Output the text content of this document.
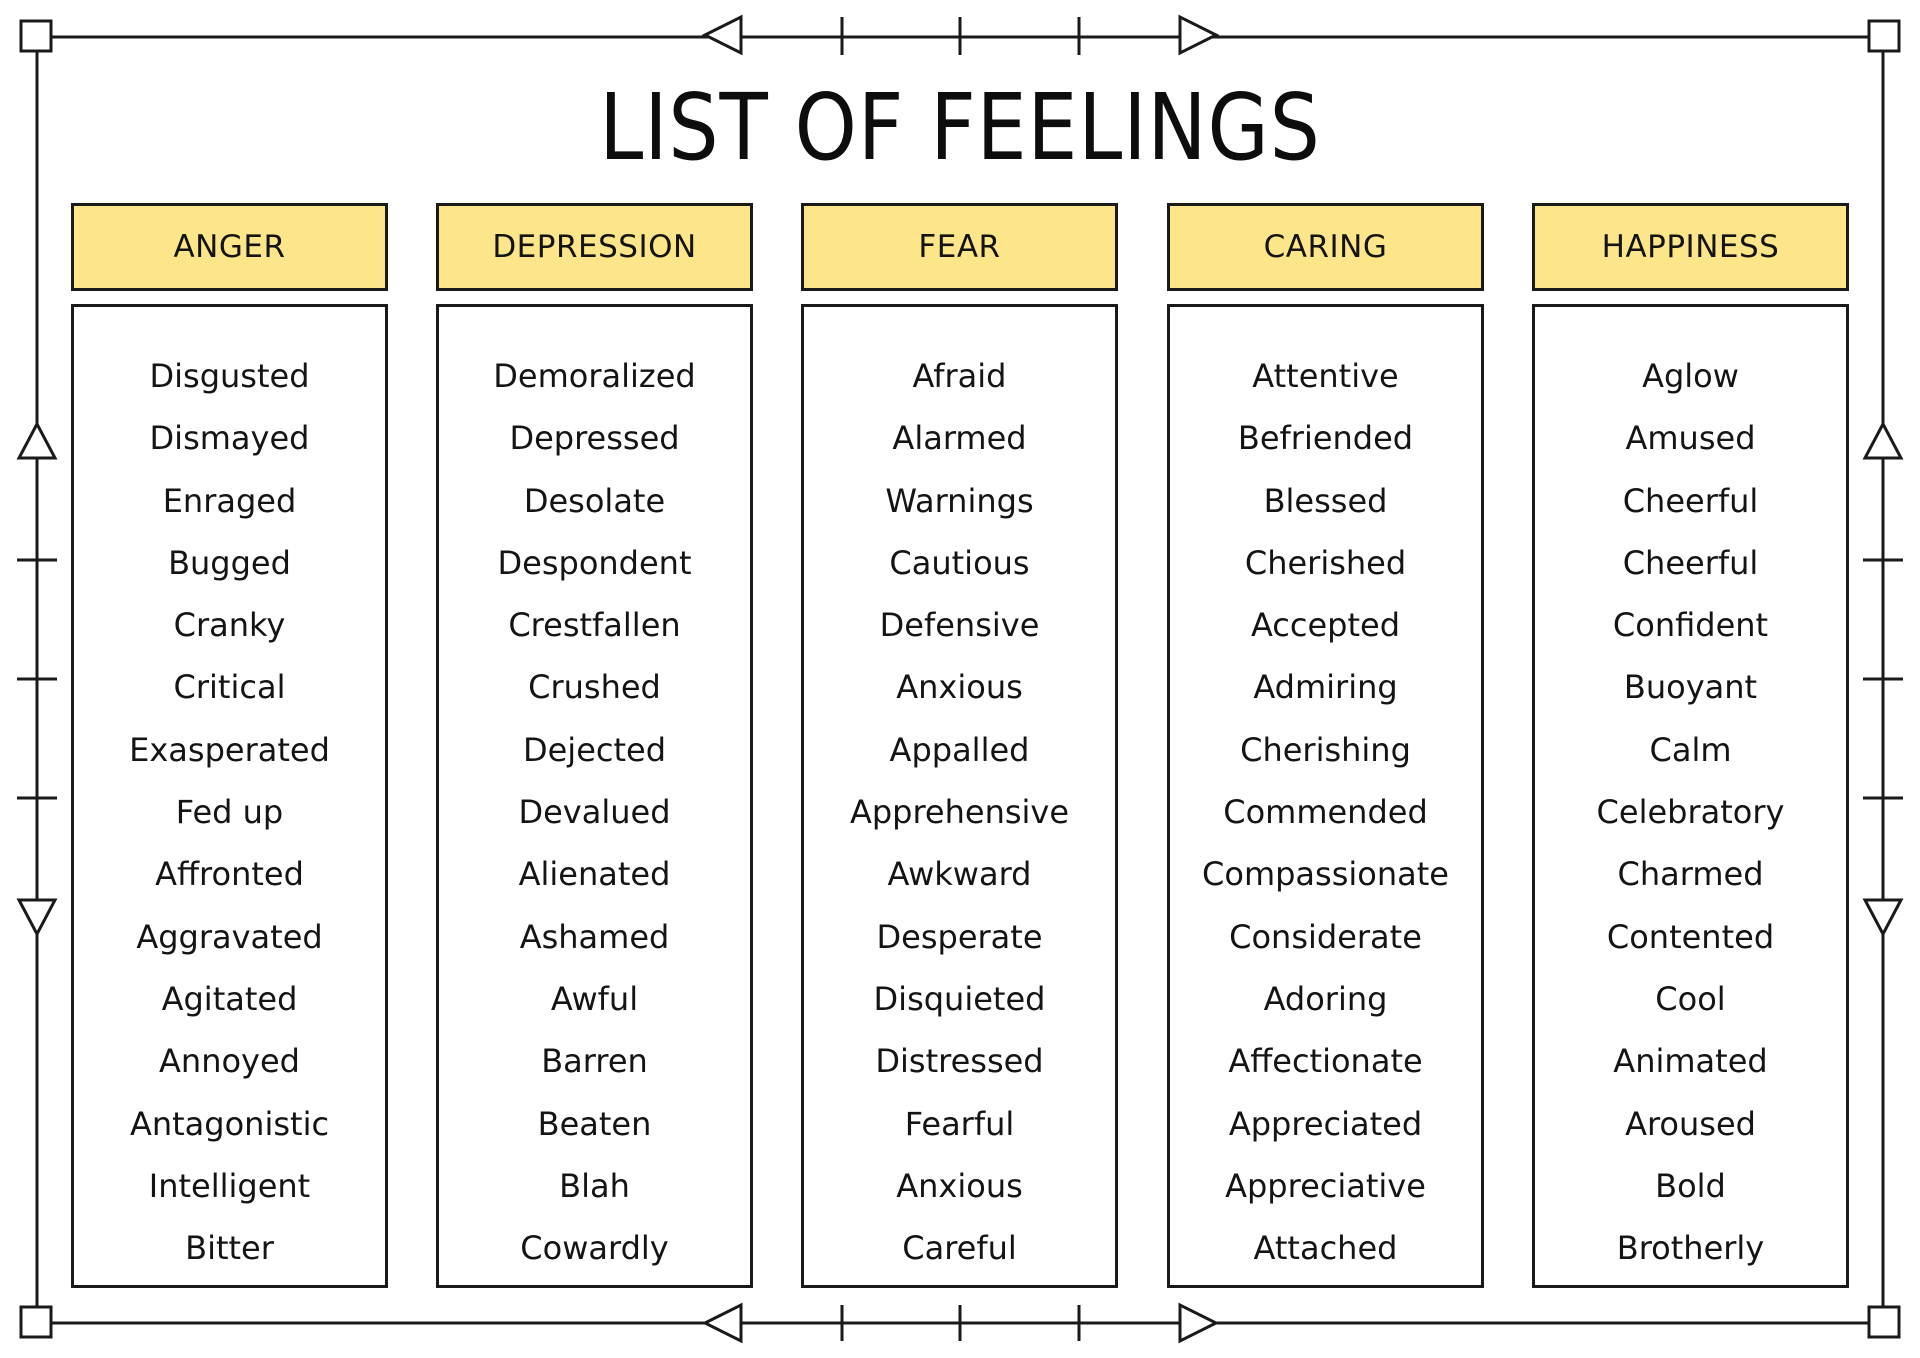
LIST OF FEELINGS
ANGER
Disgusted
Dismayed
Enraged
Bugged
Cranky
Critical
Exasperated
Fed up
Affronted
Aggravated
Agitated
Annoyed
Antagonistic
Intelligent
Bitter
DEPRESSION
Demoralized
Depressed
Desolate
Despondent
Crestfallen
Crushed
Dejected
Devalued
Alienated
Ashamed
Awful
Barren
Beaten
Blah
Cowardly
FEAR
Afraid
Alarmed
Warnings
Cautious
Defensive
Anxious
Appalled
Apprehensive
Awkward
Desperate
Disquieted
Distressed
Fearful
Anxious
Careful
CARING
Attentive
Befriended
Blessed
Cherished
Accepted
Admiring
Cherishing
Commended
Compassionate
Considerate
Adoring
Affectionate
Appreciated
Appreciative
Attached
HAPPINESS
Aglow
Amused
Cheerful
Cheerful
Confident
Buoyant
Calm
Celebratory
Charmed
Contented
Cool
Animated
Aroused
Bold
Brotherly
